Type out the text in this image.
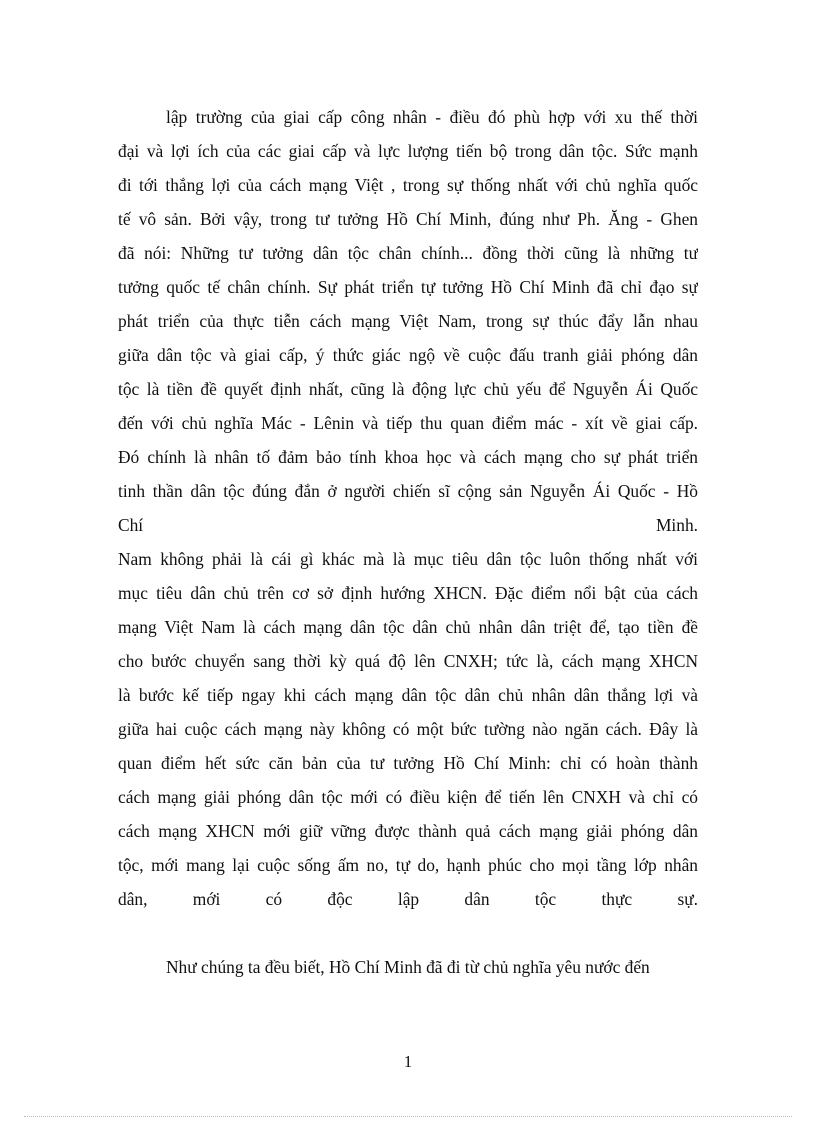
lập trường của giai cấp công nhân - điều đó phù hợp với xu thế thời
đại và lợi ích của các giai cấp và lực lượng tiến bộ trong dân tộc. Sức mạnh
đi tới thắng lợi của cách mạng Việt , trong sự thống nhất với chủ nghĩa quốc
tế vô sản. Bởi vậy, trong tư tưởng Hồ Chí Minh, đúng như Ph. Ăng - Ghen
đã nói: Những tư tưởng dân tộc chân chính... đồng thời cũng là những tư
tưởng quốc tế chân chính. Sự phát triển tự tưởng Hồ Chí Minh đã chỉ đạo sự
phát triển của thực tiễn cách mạng Việt Nam, trong sự thúc đẩy lẫn nhau
giữa dân tộc và giai cấp, ý thức giác ngộ về cuộc đấu tranh giải phóng dân
tộc là tiền đề quyết định nhất, cũng là động lực chủ yếu để Nguyễn Ái Quốc
đến với chủ nghĩa Mác - Lênin và tiếp thu quan điểm mác - xít về giai cấp.
Đó chính là nhân tố đảm bảo tính khoa học và cách mạng cho sự phát triển
tinh thần dân tộc đúng đắn ở người chiến sĩ cộng sản Nguyễn Ái Quốc - Hồ
Chí Minh.
Nam không phải là cái gì khác mà là mục tiêu dân tộc luôn thống nhất với
mục tiêu dân chủ trên cơ sở định hướng XHCN. Đặc điểm nổi bật của cách
mạng Việt Nam là cách mạng dân tộc dân chủ nhân dân triệt để, tạo tiền đề
cho bước chuyển sang thời kỳ quá độ lên CNXH; tức là, cách mạng XHCN
là bước kế tiếp ngay khi cách mạng dân tộc dân chủ nhân dân thắng lợi và
giữa hai cuộc cách mạng này không có một bức tường nào ngăn cách. Đây là
quan điểm hết sức căn bản của tư tưởng Hồ Chí Minh: chỉ có hoàn thành
cách mạng giải phóng dân tộc mới có điều kiện để tiến lên CNXH và chỉ có
cách mạng XHCN mới giữ vững được thành quả cách mạng giải phóng dân
tộc, mới mang lại cuộc sống ấm no, tự do, hạnh phúc cho mọi tầng lớp nhân
dân, mới có độc lập dân tộc thực sự.
Như chúng ta đều biết, Hồ Chí Minh đã đi từ chủ nghĩa yêu nước đến
1
